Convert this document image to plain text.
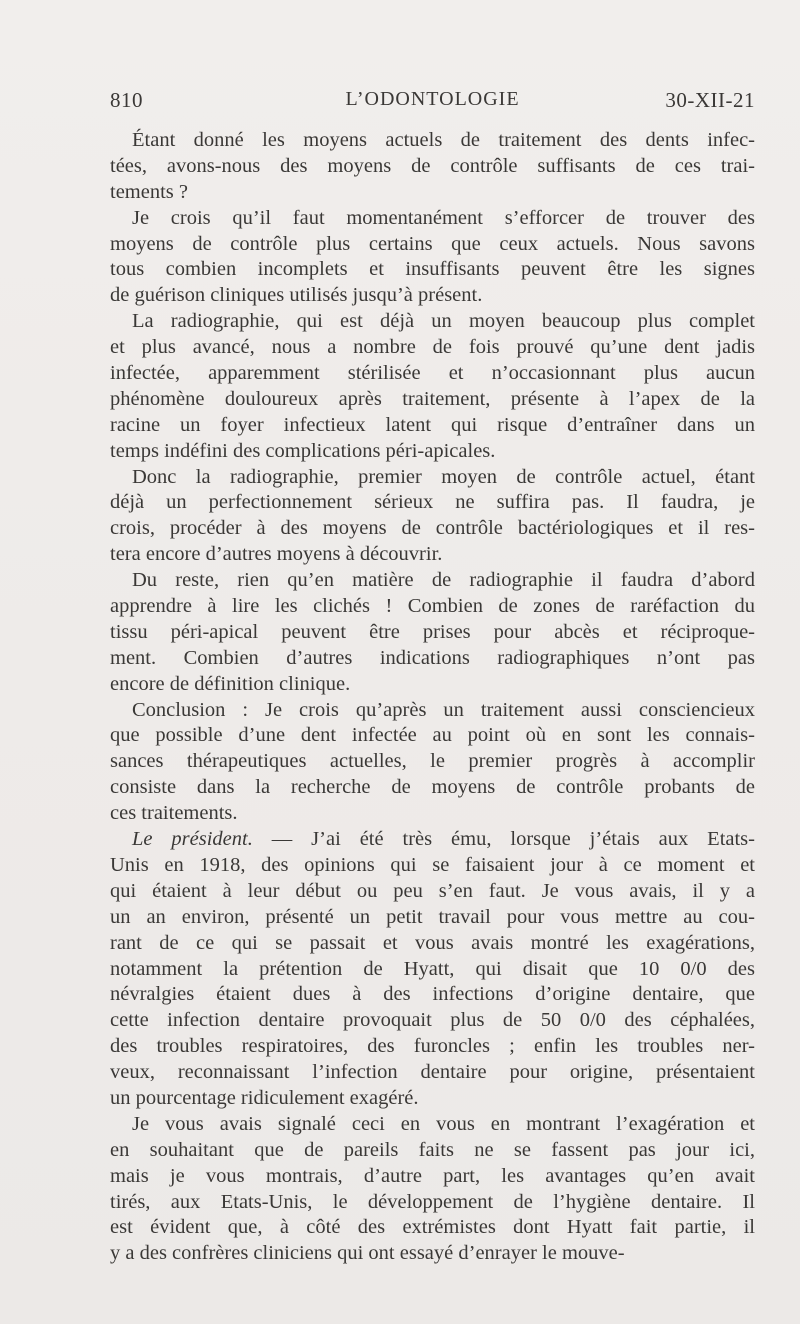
810	L’ODONTOLOGIE	30-XII-21

Étant donné les moyens actuels de traitement des dents infec-
tées, avons-nous des moyens de contrôle suffisants de ces trai-
tements ?

Je crois qu’il faut momentanément s’efforcer de trouver des
moyens de contrôle plus certains que ceux actuels. Nous savons
tous combien incomplets et insuffisants peuvent être les signes
de guérison cliniques utilisés jusqu’à présent.

La radiographie, qui est déjà un moyen beaucoup plus complet
et plus avancé, nous a nombre de fois prouvé qu’une dent jadis
infectée, apparemment stérilisée et n’occasionnant plus aucun
phénomène douloureux après traitement, présente à l’apex de la
racine un foyer infectieux latent qui risque d’entraîner dans un
temps indéfini des complications péri-apicales.

Donc la radiographie, premier moyen de contrôle actuel, étant
déjà un perfectionnement sérieux ne suffira pas. Il faudra, je
crois, procéder à des moyens de contrôle bactériologiques et il res-
tera encore d’autres moyens à découvrir.

Du reste, rien qu’en matière de radiographie il faudra d’abord
apprendre à lire les clichés ! Combien de zones de raréfaction du
tissu péri-apical peuvent être prises pour abcès et réciproque-
ment. Combien d’autres indications radiographiques n’ont pas
encore de définition clinique.

Conclusion : Je crois qu’après un traitement aussi consciencieux
que possible d’une dent infectée au point où en sont les connais-
sances thérapeutiques actuelles, le premier progrès à accomplir
consiste dans la recherche de moyens de contrôle probants de
ces traitements.

Le président. — J’ai été très ému, lorsque j’étais aux Etats-
Unis en 1918, des opinions qui se faisaient jour à ce moment et
qui étaient à leur début ou peu s’en faut. Je vous avais, il y a
un an environ, présenté un petit travail pour vous mettre au cou-
rant de ce qui se passait et vous avais montré les exagérations,
notamment la prétention de Hyatt, qui disait que 10 0/0 des
névralgies étaient dues à des infections d’origine dentaire, que
cette infection dentaire provoquait plus de 50 0/0 des céphalées,
des troubles respiratoires, des furoncles ; enfin les troubles ner-
veux, reconnaissant l’infection dentaire pour origine, présentaient
un pourcentage ridiculement exagéré.

Je vous avais signalé ceci en vous en montrant l’exagération et
en souhaitant que de pareils faits ne se fassent pas jour ici,
mais je vous montrais, d’autre part, les avantages qu’en avait
tirés, aux Etats-Unis, le développement de l’hygiène dentaire. Il
est évident que, à côté des extrémistes dont Hyatt fait partie, il
y a des confrères cliniciens qui ont essayé d’enrayer le mouve-
